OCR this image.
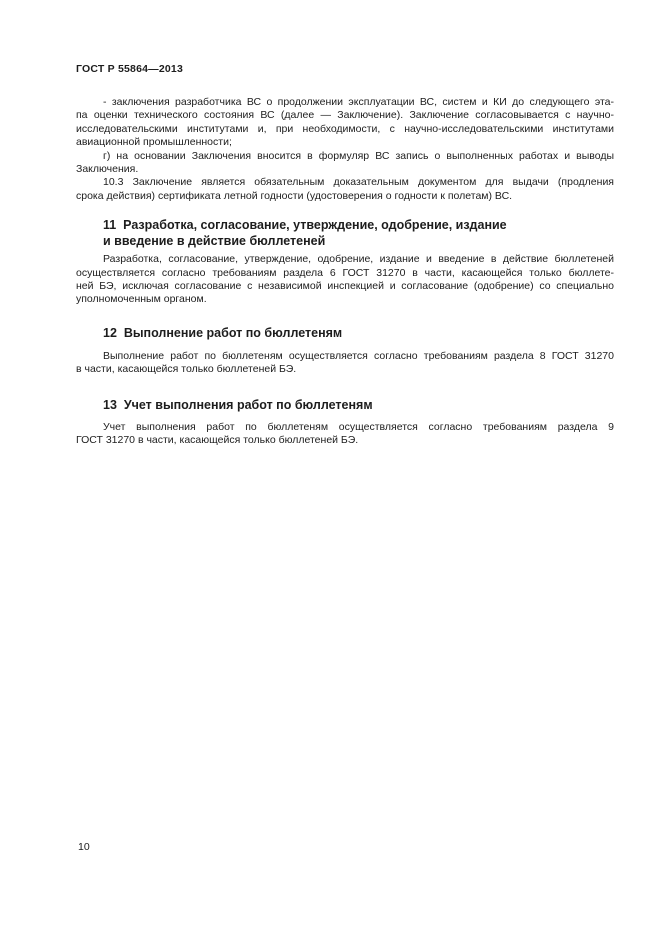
ГОСТ Р 55864—2013
- заключения разработчика ВС о продолжении эксплуатации ВС, систем и КИ до следующего эта-
па оценки технического состояния ВС (далее — Заключение). Заключение согласовывается с научно-
исследовательскими институтами и, при необходимости, с научно-исследовательскими институтами
авиационной промышленности;
г) на основании Заключения вносится в формуляр ВС запись о выполненных работах и выводы
Заключения.
10.3 Заключение является обязательным доказательным документом для выдачи (продления
срока действия) сертификата летной годности (удостоверения о годности к полетам) ВС.
11  Разработка, согласование, утверждение, одобрение, издание
и введение в действие бюллетеней
Разработка, согласование, утверждение, одобрение, издание и введение в действие бюллетеней
осуществляется согласно требованиям раздела 6 ГОСТ 31270 в части, касающейся только бюллете-
ней БЭ, исключая согласование с независимой инспекцией и согласование (одобрение) со специально
уполномоченным органом.
12  Выполнение работ по бюллетеням
Выполнение работ по бюллетеням осуществляется согласно требованиям раздела 8 ГОСТ 31270
в части, касающейся только бюллетеней БЭ.
13  Учет выполнения работ по бюллетеням
Учет выполнения работ по бюллетеням осуществляется согласно требованиям раздела 9
ГОСТ 31270 в части, касающейся только бюллетеней БЭ.
10
